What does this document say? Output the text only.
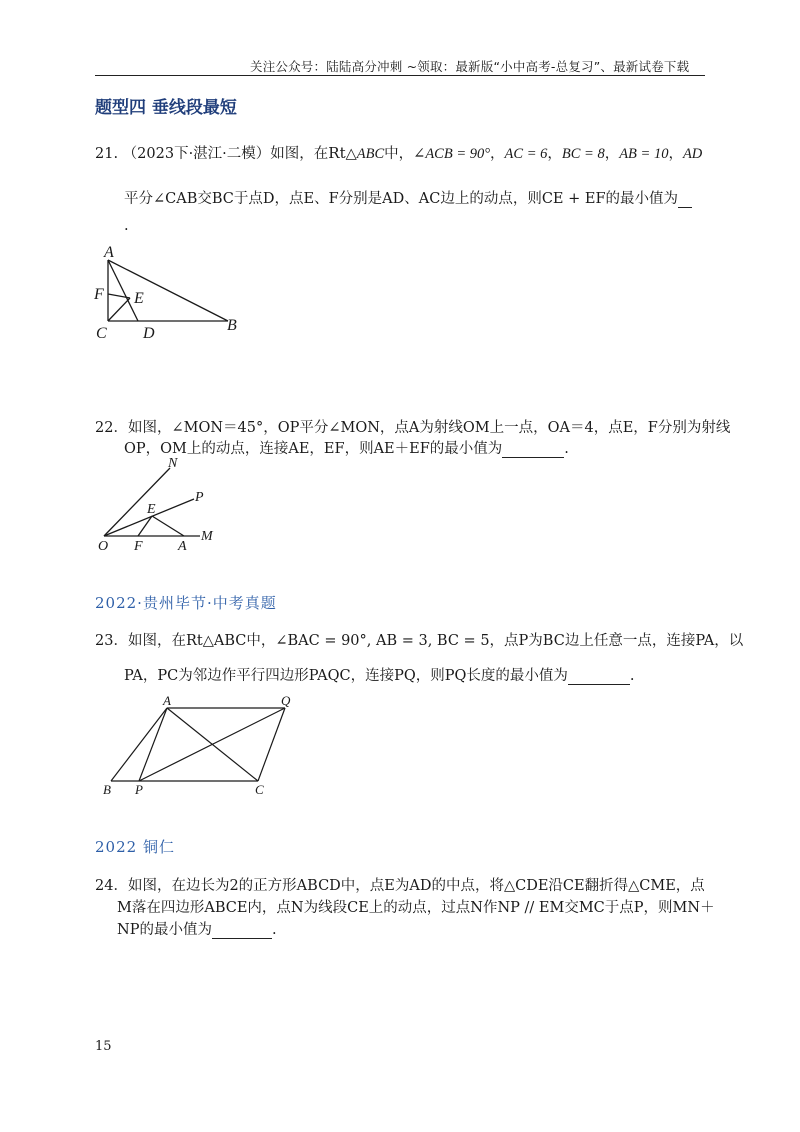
关注公众号：陆陆高分冲刺 ~领取：最新版“小中高考-总复习”、最新试卷下载
题型四 垂线段最短
21. （2023下·湛江·二模）如图，在Rt△ABC中，∠ACB = 90°，AC = 6，BC = 8，AB = 10，AD
平分∠CAB交BC于点D，点E、F分别是AD、AC边上的动点，则CE + EF的最小值为
.
A
F E
C D	B
22．如图，∠MON＝45°，OP平分∠MON，点A为射线OM上一点，OA＝4，点E，F分别为射线
OP，OM上的动点，连接AE，EF，则AE＋EF的最小值为	.
N
P
E
M
O F	A
2022·贵州毕节·中考真题
23．如图，在Rt△ABC中，∠BAC = 90°, AB = 3, BC = 5，点P为BC边上任意一点，连接PA，以
PA，PC为邻边作平行四边形PAQC，连接PQ，则PQ长度的最小值为	.
A	Q
B P	C
2022 铜仁
24．如图，在边长为2的正方形ABCD中，点E为AD的中点，将△CDE沿CE翻折得△CME，点
M落在四边形ABCE内，点N为线段CE上的动点，过点N作NP // EM交MC于点P，则MN＋
NP的最小值为	.
15
